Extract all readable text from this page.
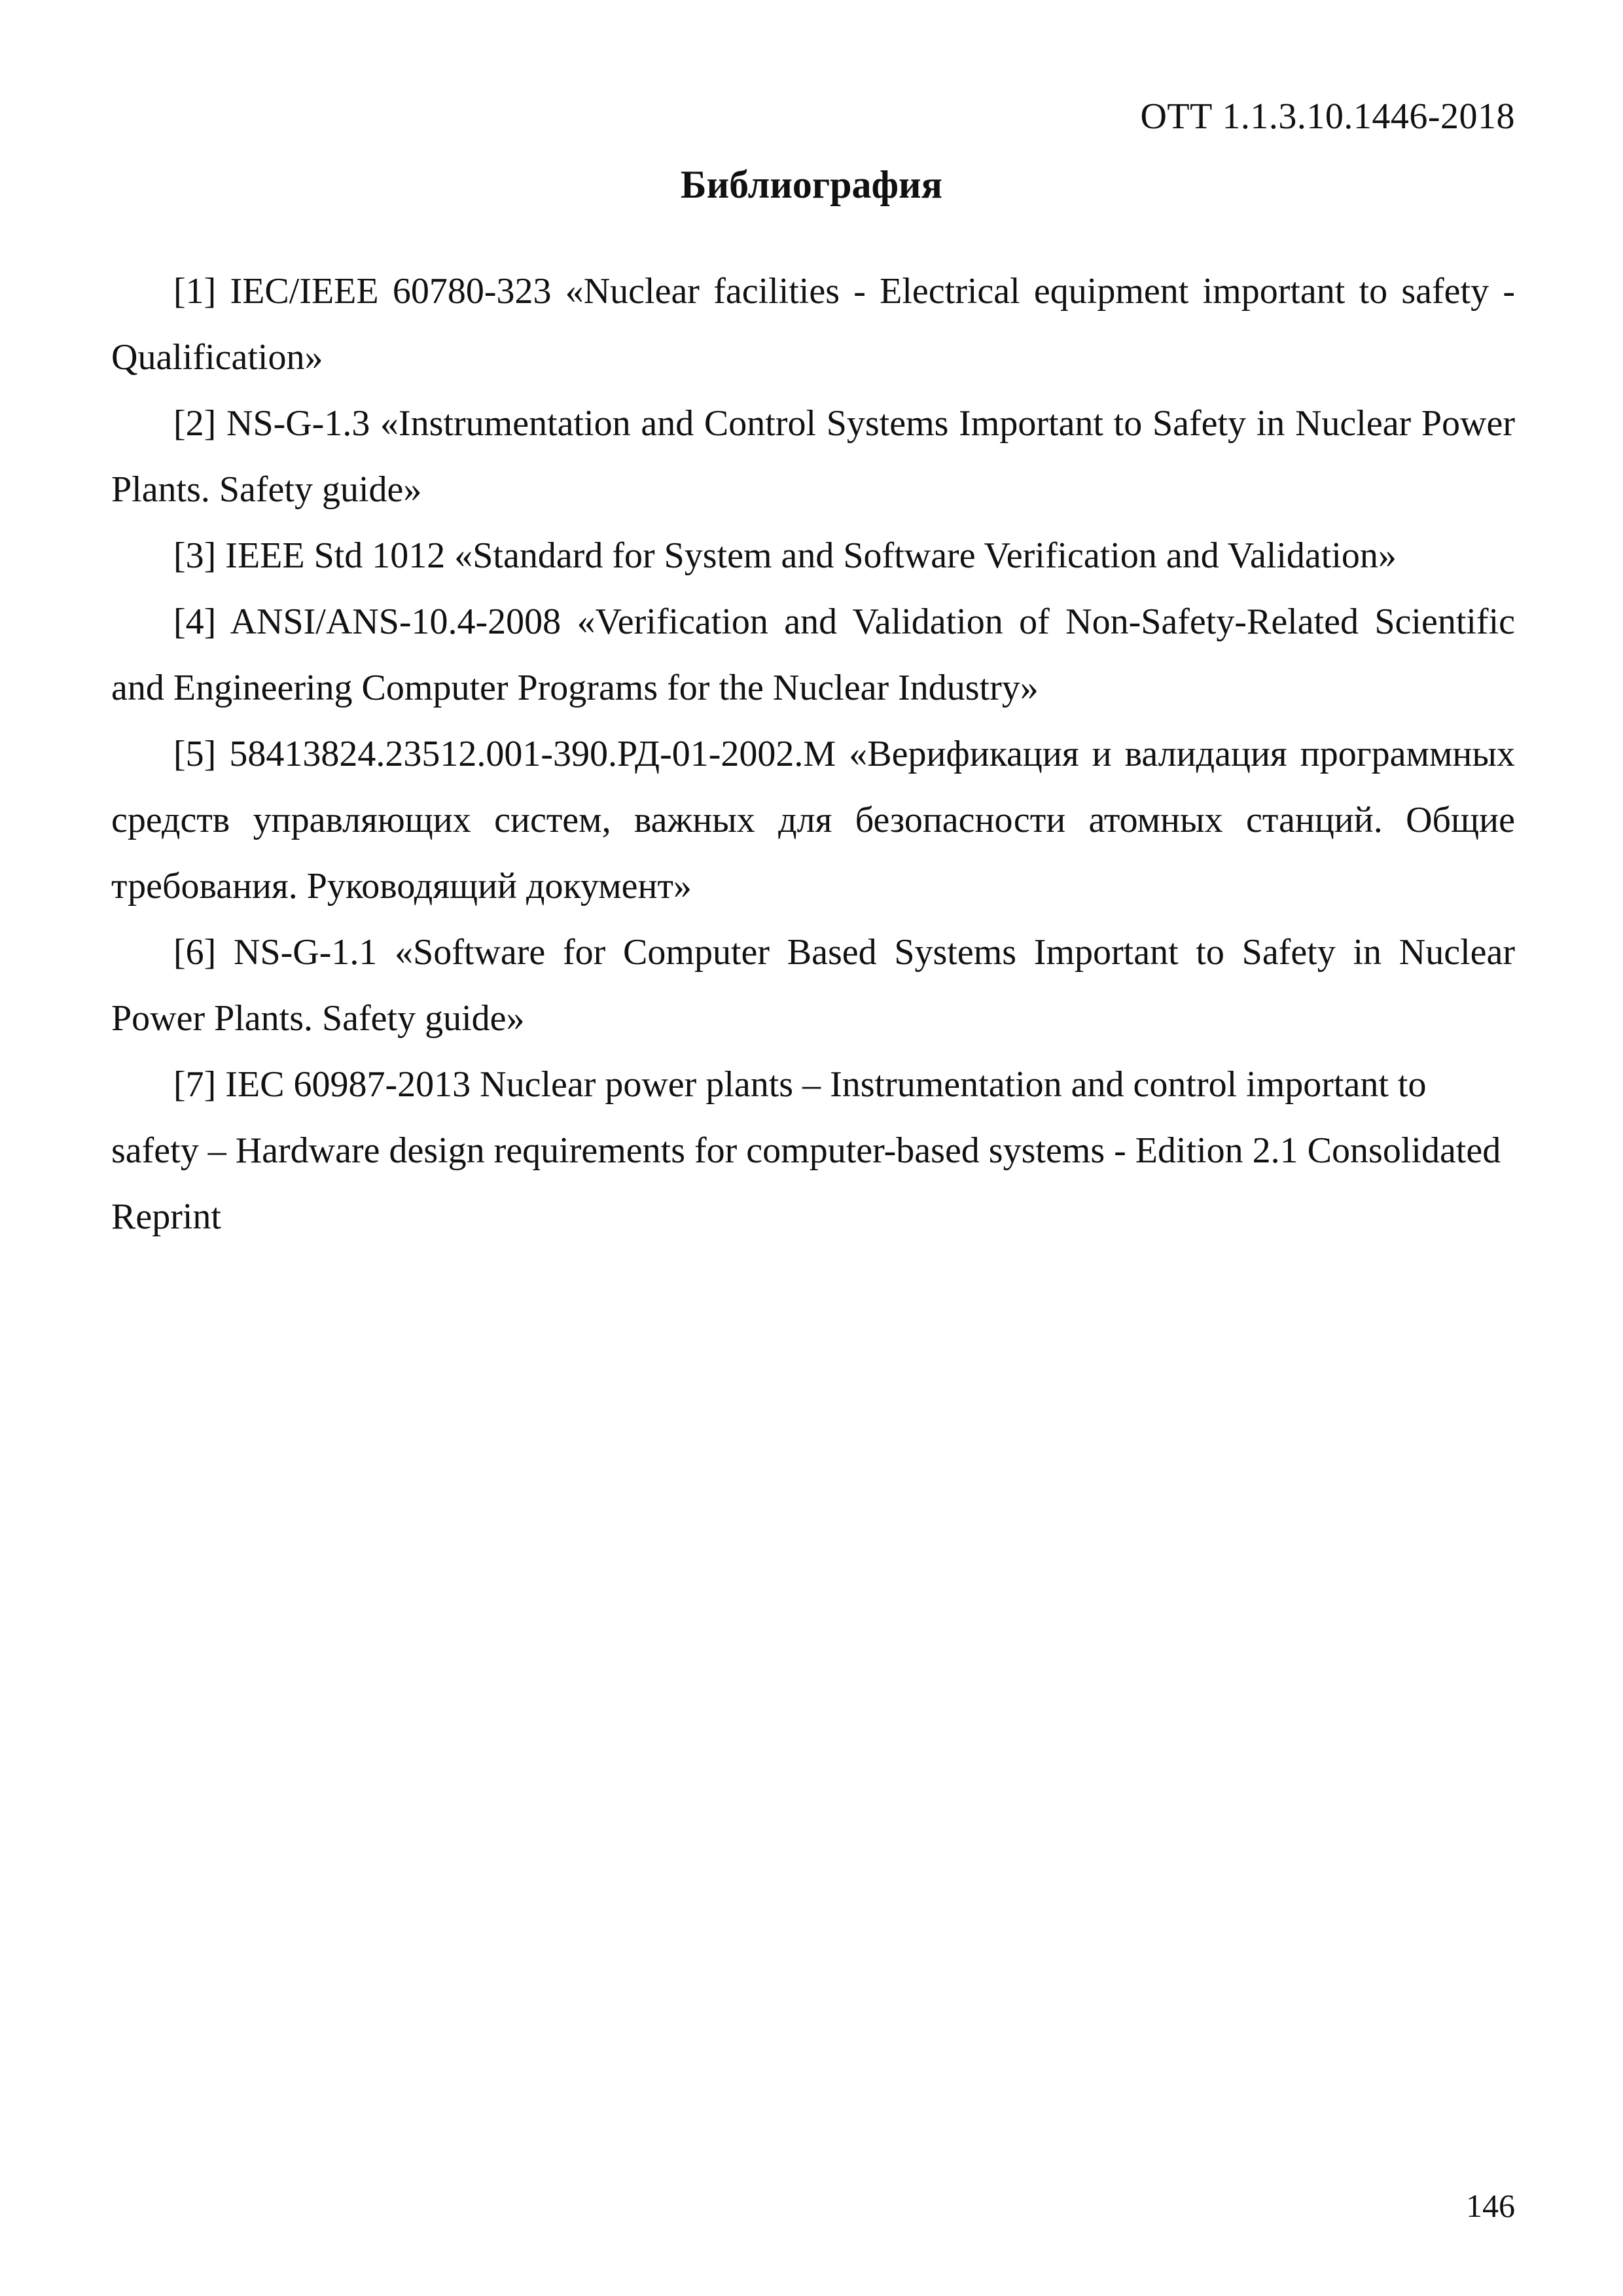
ОТТ 1.1.3.10.1446-2018
Библиография
[1] IEC/IEEE 60780-323 «Nuclear facilities - Electrical equipment important to safety - Qualification»
[2] NS-G-1.3 «Instrumentation and Control Systems Important to Safety in Nuclear Power Plants. Safety guide»
[3] IEEE Std 1012 «Standard for System and Software Verification and Validation»
[4] ANSI/ANS-10.4-2008 «Verification and Validation of Non-Safety-Related Scientific and Engineering Computer Programs for the Nuclear Industry»
[5] 58413824.23512.001-390.РД-01-2002.М «Верификация и валидация программных средств управляющих систем, важных для безопасности атомных станций. Общие требования. Руководящий документ»
[6] NS-G-1.1 «Software for Computer Based Systems Important to Safety in Nuclear Power Plants. Safety guide»
[7] IEC 60987-2013 Nuclear power plants – Instrumentation and control important to safety – Hardware design requirements for computer-based systems - Edition 2.1 Consolidated Reprint
146
